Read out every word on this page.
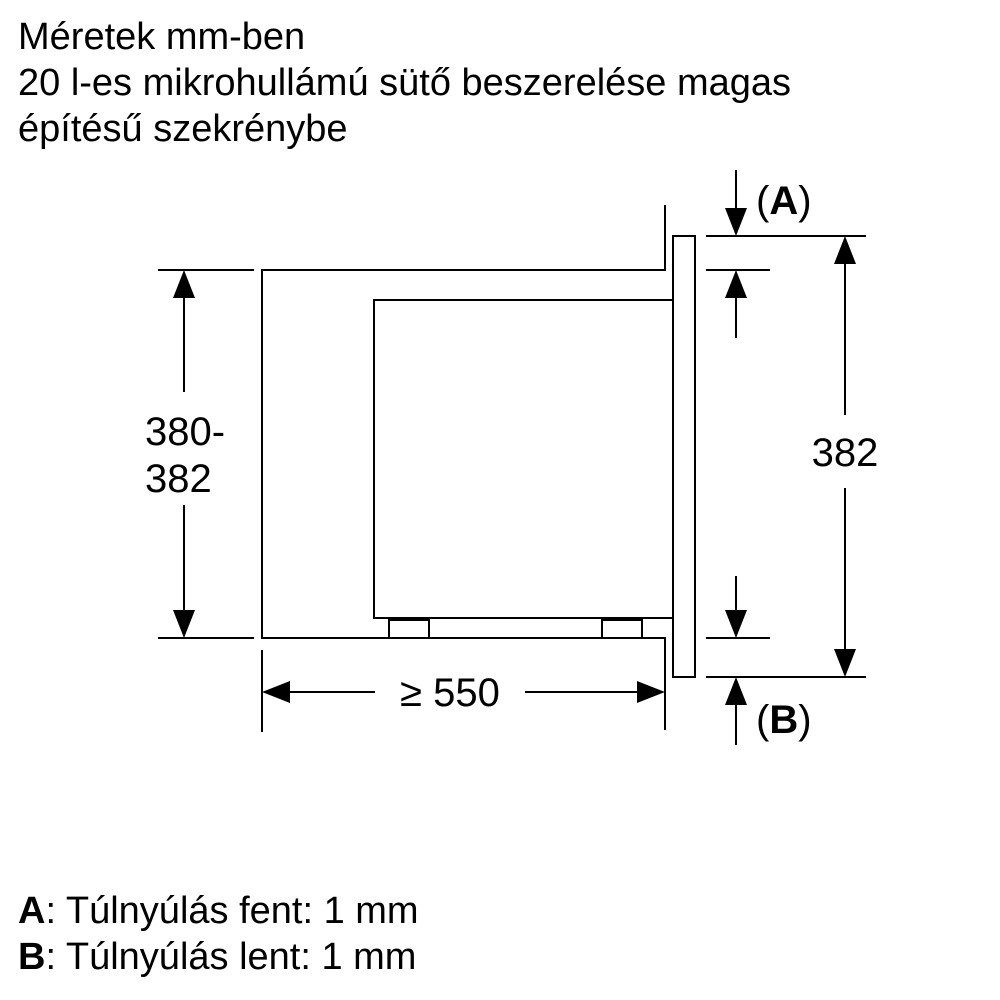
Méretek mm-ben
20 l-es mikrohullámú sütő beszerelése magas
építésű szekrénybe
380-
382
382
≥ 550
(A)
(B)
A: Túlnyúlás fent: 1 mm
B: Túlnyúlás lent: 1 mm
